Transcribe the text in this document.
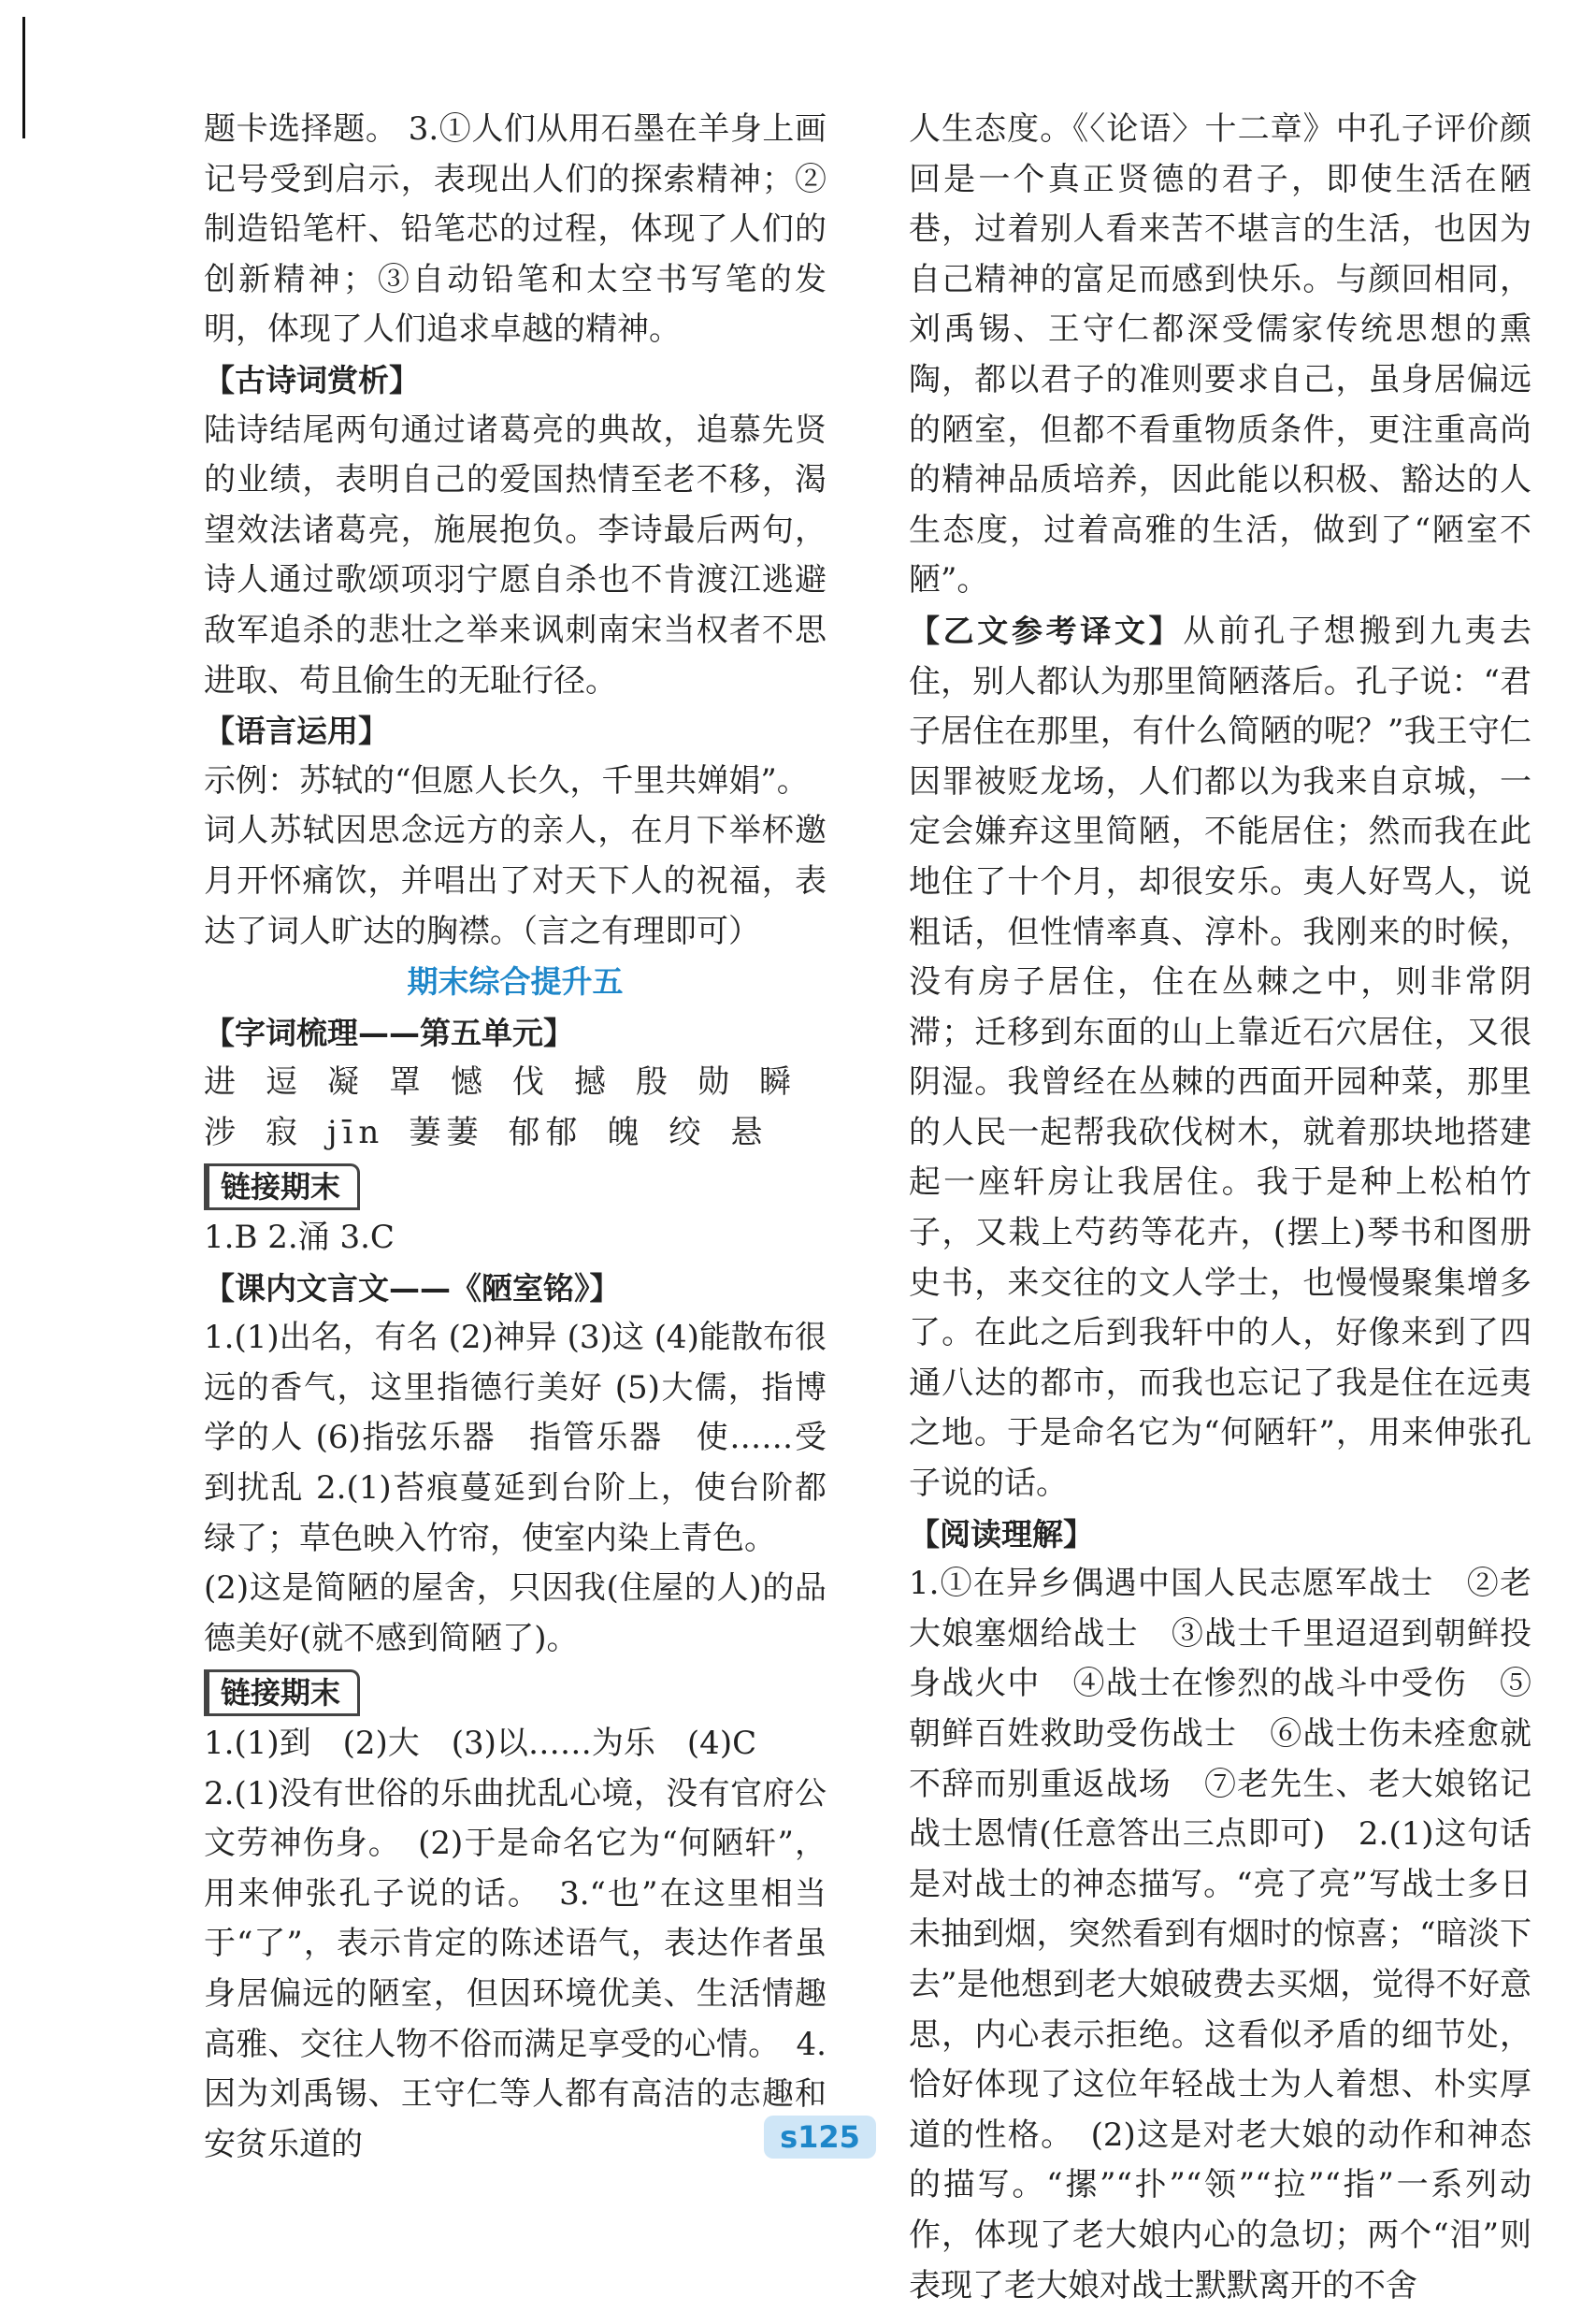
题卡选择题。 3.①人们从用石墨在羊身上画记号受到启示，表现出人们的探索精神；②制造铅笔杆、铅笔芯的过程，体现了人们的创新精神；③自动铅笔和太空书写笔的发明，体现了人们追求卓越的精神。

【古诗词赏析】

陆诗结尾两句通过诸葛亮的典故，追慕先贤的业绩，表明自己的爱国热情至老不移，渴望效法诸葛亮，施展抱负。李诗最后两句，诗人通过歌颂项羽宁愿自杀也不肯渡江逃避敌军追杀的悲壮之举来讽刺南宋当权者不思进取、苟且偷生的无耻行径。

【语言运用】

示例：苏轼的“但愿人长久，千里共婵娟”。

词人苏轼因思念远方的亲人，在月下举杯邀月开怀痛饮，并唱出了对天下人的祝福，表达了词人旷达的胸襟。（言之有理即可）

期末综合提升五

【字词梳理——第五单元】

进 逗 凝 罩 憾 伐 撼 殷 勋 瞬

涉 寂 jīn 萋萋 郁郁 魄 绞 悬

链接期末

1.B 2.涌 3.C

【课内文言文——《陋室铭》】

1.(1)出名，有名 (2)神异 (3)这 (4)能散布很远的香气，这里指德行美好 (5)大儒，指博学的人 (6)指弦乐器　指管乐器　使……受到扰乱 2.(1)苔痕蔓延到台阶上，使台阶都绿了；草色映入竹帘，使室内染上青色。

(2)这是简陋的屋舍，只因我(住屋的人)的品德美好(就不感到简陋了)。

链接期末

1.(1)到　(2)大　(3)以……为乐　(4)C

2.(1)没有世俗的乐曲扰乱心境，没有官府公文劳神伤身。　(2)于是命名它为“何陋轩”，用来伸张孔子说的话。　3.“也”在这里相当于“了”，表示肯定的陈述语气，表达作者虽身居偏远的陋室，但因环境优美、生活情趣高雅、交往人物不俗而满足享受的心情。　4.因为刘禹锡、王守仁等人都有高洁的志趣和安贫乐道的

人生态度。《〈论语〉十二章》中孔子评价颜回是一个真正贤德的君子，即使生活在陋巷，过着别人看来苦不堪言的生活，也因为自己精神的富足而感到快乐。与颜回相同，刘禹锡、王守仁都深受儒家传统思想的熏陶，都以君子的准则要求自己，虽身居偏远的陋室，但都不看重物质条件，更注重高尚的精神品质培养，因此能以积极、豁达的人生态度，过着高雅的生活，做到了“陋室不陋”。

【乙文参考译文】从前孔子想搬到九夷去住，别人都认为那里简陋落后。孔子说：“君子居住在那里，有什么简陋的呢？”我王守仁因罪被贬龙场，人们都以为我来自京城，一定会嫌弃这里简陋，不能居住；然而我在此地住了十个月，却很安乐。夷人好骂人，说粗话，但性情率真、淳朴。我刚来的时候，没有房子居住，住在丛棘之中，则非常阴滞；迁移到东面的山上靠近石穴居住，又很阴湿。我曾经在丛棘的西面开园种菜，那里的人民一起帮我砍伐树木，就着那块地搭建起一座轩房让我居住。我于是种上松柏竹子，又栽上芍药等花卉，(摆上)琴书和图册史书，来交往的文人学士，也慢慢聚集增多了。在此之后到我轩中的人，好像来到了四通八达的都市，而我也忘记了我是住在远夷之地。于是命名它为“何陋轩”，用来伸张孔子说的话。

【阅读理解】

1.①在异乡偶遇中国人民志愿军战士　②老大娘塞烟给战士　③战士千里迢迢到朝鲜投身战火中　④战士在惨烈的战斗中受伤　⑤朝鲜百姓救助受伤战士　⑥战士伤未痊愈就不辞而别重返战场　⑦老先生、老大娘铭记战士恩情(任意答出三点即可)　2.(1)这句话是对战士的神态描写。“亮了亮”写战士多日未抽到烟，突然看到有烟时的惊喜；“暗淡下去”是他想到老大娘破费去买烟，觉得不好意思，内心表示拒绝。这看似矛盾的细节处，恰好体现了这位年轻战士为人着想、朴实厚道的性格。　(2)这是对老大娘的动作和神态的描写。“摞”“扑”“领”“拉”“指”一系列动作，体现了老大娘内心的急切；两个“泪”则表现了老大娘对战士默默离开的不舍

s125
